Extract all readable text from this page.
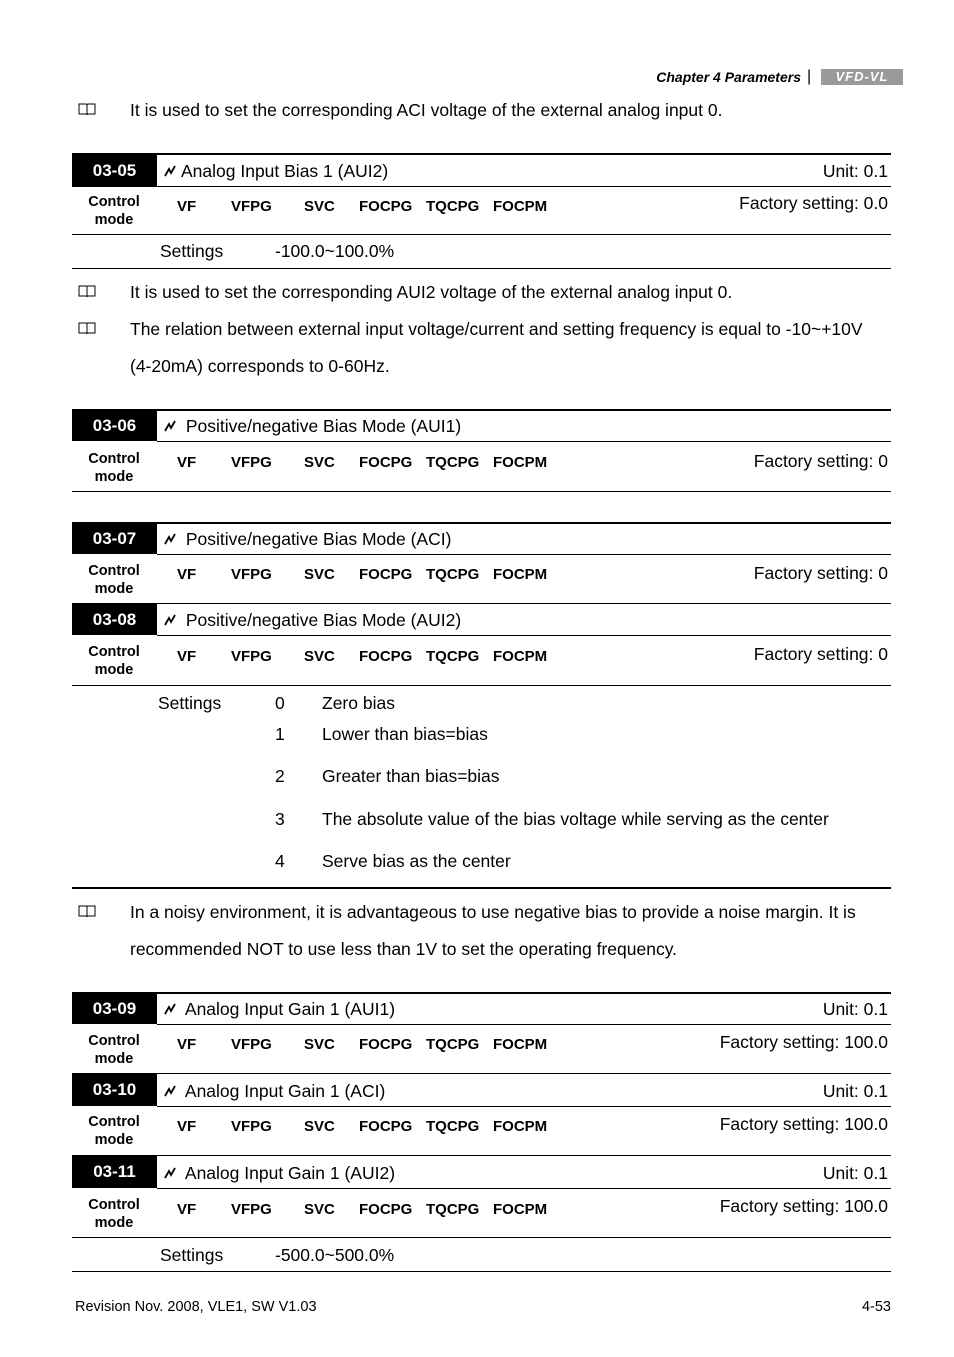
Chapter 4 Parameters |	VFD-VL
It is used to set the corresponding ACI voltage of the external analog input 0.
03-05	Analog Input Bias 1 (AUI2)	Unit: 0.1
Control
mode
VF VFPG SVC FOCPG TQCPG FOCPM	Factory setting: 0.0
Settings	-100.0~100.0%
It is used to set the corresponding AUI2 voltage of the external analog input 0.
The relation between external input voltage/current and setting frequency is equal to -10~+10V
(4-20mA) corresponds to 0-60Hz.
03-06	Positive/negative Bias Mode (AUI1)
Control
mode
VF VFPG SVC FOCPG TQCPG FOCPM	Factory setting: 0
03-07	Positive/negative Bias Mode (ACI)
Control
mode
VF VFPG SVC FOCPG TQCPG FOCPM	Factory setting: 0
03-08	Positive/negative Bias Mode (AUI2)
Control
mode
VF VFPG SVC FOCPG TQCPG FOCPM	Factory setting: 0
Settings	0 Zero bias
1 Lower than bias=bias
2 Greater than bias=bias
3 The absolute value of the bias voltage while serving as the center
4 Serve bias as the center
In a noisy environment, it is advantageous to use negative bias to provide a noise margin. It is
recommended NOT to use less than 1V to set the operating frequency.
03-09	Analog Input Gain 1 (AUI1)	Unit: 0.1
Control
mode
VF VFPG SVC FOCPG TQCPG FOCPM	Factory setting: 100.0
03-10	Analog Input Gain 1 (ACI)	Unit: 0.1
Control
mode
VF VFPG SVC FOCPG TQCPG FOCPM	Factory setting: 100.0
03-11	Analog Input Gain 1 (AUI2)	Unit: 0.1
Control
mode
VF VFPG SVC FOCPG TQCPG FOCPM	Factory setting: 100.0
Settings	-500.0~500.0%
Revision Nov. 2008, VLE1, SW V1.03	4-53
